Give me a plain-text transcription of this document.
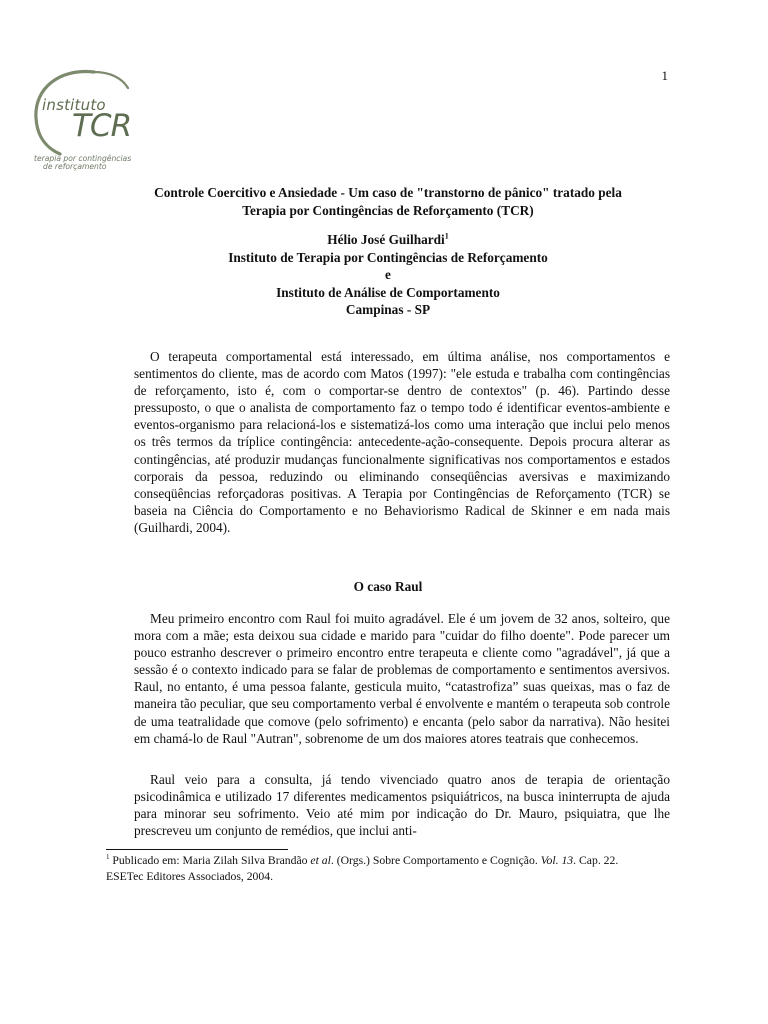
1
instituto
TCR
terapia por contingências
de reforçamento
Controle Coercitivo e Ansiedade - Um caso de "transtorno de pânico" tratado pela
Terapia por Contingências de Reforçamento (TCR)
Hélio José Guilhardi$^1$
Instituto de Terapia por Contingências de Reforçamento
e
Instituto de Análise de Comportamento
Campinas - SP

O terapeuta comportamental está interessado, em última análise, nos comportamentos e sentimentos do cliente, mas de acordo com Matos (1997): "ele estuda e trabalha com contingências de reforçamento, isto é, com o comportar-se dentro de contextos" (p. 46). Partindo desse pressuposto, o que o analista de comportamento faz o tempo todo é identificar eventos-ambiente e eventos-organismo para relacioná-los e sistematizá-los como uma interação que inclui pelo menos os três termos da tríplice contingência: antecedente-ação-consequente. Depois procura alterar as contingências, até produzir mudanças funcionalmente significativas nos comportamentos e estados corporais da pessoa, reduzindo ou eliminando conseqüências aversivas e maximizando conseqüências reforçadoras positivas. A Terapia por Contingências de Reforçamento (TCR) se baseia na Ciência do Comportamento e no Behaviorismo Radical de Skinner e em nada mais (Guilhardi, 2004).

O caso Raul

Meu primeiro encontro com Raul foi muito agradável. Ele é um jovem de 32 anos, solteiro, que mora com a mãe; esta deixou sua cidade e marido para "cuidar do filho doente". Pode parecer um pouco estranho descrever o primeiro encontro entre terapeuta e cliente como "agradável", já que a sessão é o contexto indicado para se falar de problemas de comportamento e sentimentos aversivos. Raul, no entanto, é uma pessoa falante, gesticula muito, “catastrofiza” suas queixas, mas o faz de maneira tão peculiar, que seu comportamento verbal é envolvente e mantém o terapeuta sob controle de uma teatralidade que comove (pelo sofrimento) e encanta (pelo sabor da narrativa). Não hesitei em chamá-lo de Raul "Autran", sobrenome de um dos maiores atores teatrais que conhecemos.

Raul veio para a consulta, já tendo vivenciado quatro anos de terapia de orientação psicodinâmica e utilizado 17 diferentes medicamentos psiquiátricos, na busca ininterrupta de ajuda para minorar seu sofrimento. Veio até mim por indicação do Dr. Mauro, psiquiatra, que lhe prescreveu um conjunto de remédios, que inclui anti-

$^1$ Publicado em: Maria Zilah Silva Brandão et al. (Orgs.) Sobre Comportamento e Cognição. Vol. 13. Cap. 22.
ESETec Editores Associados, 2004.
